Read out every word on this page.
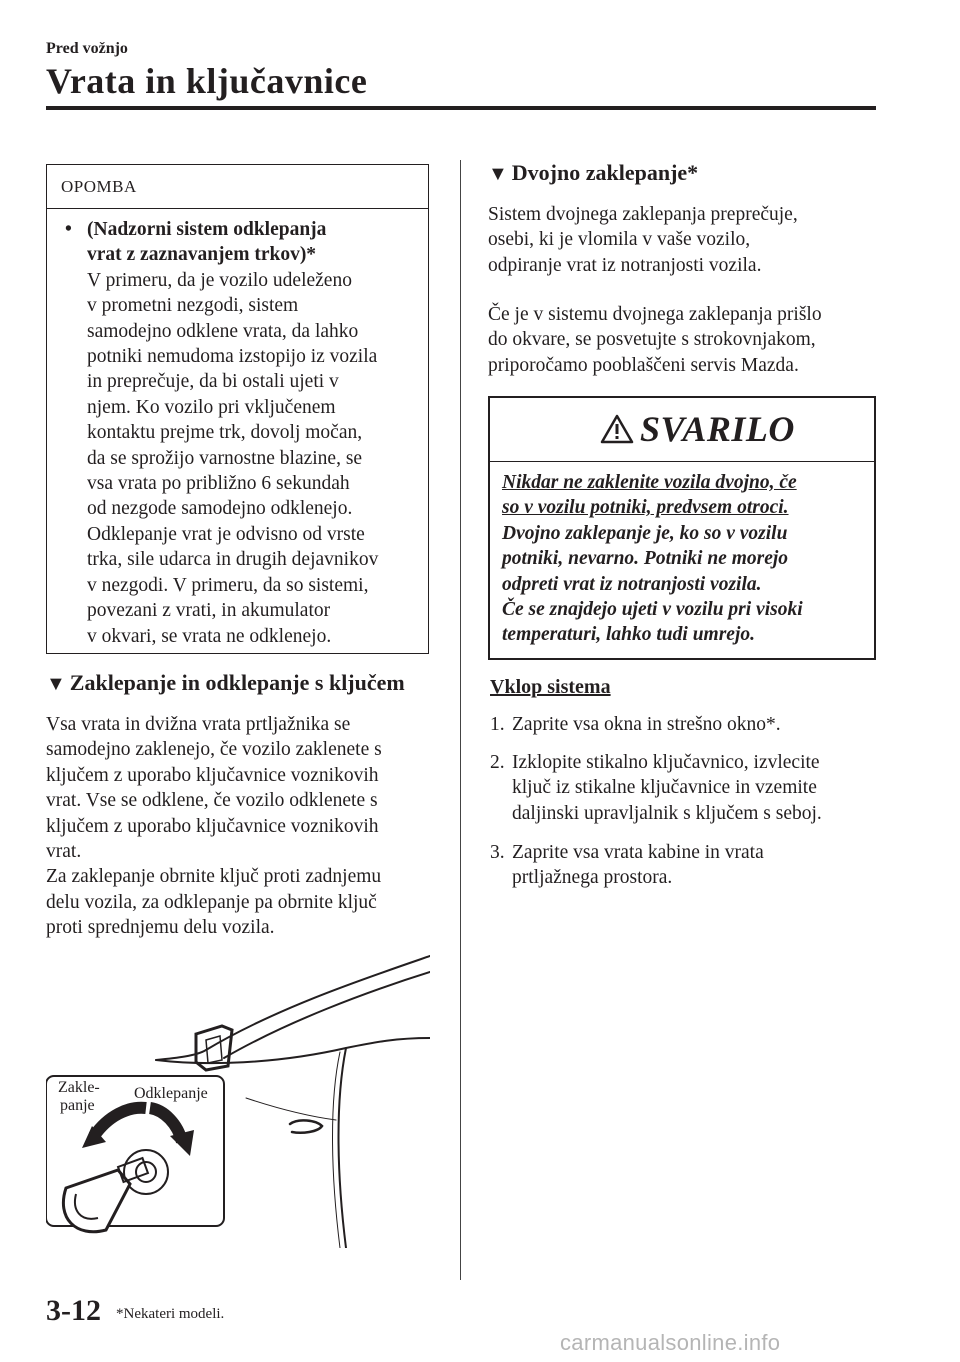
Pred vožnjo
Vrata in ključavnice
OPOMBA
• (Nadzorni sistem odklepanja
vrat z zaznavanjem trkov)*
V primeru, da je vozilo udeleženo
v prometni nezgodi, sistem
samodejno odklene vrata, da lahko
potniki nemudoma izstopijo iz vozila
in preprečuje, da bi ostali ujeti v
njem. Ko vozilo pri vključenem
kontaktu prejme trk, dovolj močan,
da se sprožijo varnostne blazine, se
vsa vrata po približno 6 sekundah
od nezgode samodejno odklenejo.
Odklepanje vrat je odvisno od vrste
trka, sile udarca in drugih dejavnikov
v nezgodi. V primeru, da so sistemi,
povezani z vrati, in akumulator
v okvari, se vrata ne odklenejo.
▼ Zaklepanje in odklepanje s ključem
Vsa vrata in dvižna vrata prtljažnika se
samodejno zaklenejo, če vozilo zaklenete s
ključem z uporabo ključavnice voznikovih
vrat. Vse se odklene, če vozilo odklenete s
ključem z uporabo ključavnice voznikovih
vrat.
Za zaklepanje obrnite ključ proti zadnjemu
delu vozila, za odklepanje pa obrnite ključ
proti sprednjemu delu vozila.
Zakle-
panje
Odklepanje
▼ Dvojno zaklepanje*
Sistem dvojnega zaklepanja preprečuje,
osebi, ki je vlomila v vaše vozilo,
odpiranje vrat iz notranjosti vozila.
Če je v sistemu dvojnega zaklepanja prišlo
do okvare, se posvetujte s strokovnjakom,
priporočamo pooblaščeni servis Mazda.
SVARILO
Nikdar ne zaklenite vozila dvojno, če
so v vozilu potniki, predvsem otroci.
Dvojno zaklepanje je, ko so v vozilu
potniki, nevarno. Potniki ne morejo
odpreti vrat iz notranjosti vozila.
Če se znajdejo ujeti v vozilu pri visoki
temperaturi, lahko tudi umrejo.
Vklop sistema
1. Zaprite vsa okna in strešno okno*.
2. Izklopite stikalno ključavnico, izvlecite
ključ iz stikalne ključavnice in vzemite
daljinski upravljalnik s ključem s seboj.
3. Zaprite vsa vrata kabine in vrata
prtljažnega prostora.
3-12 *Nekateri modeli.
carmanualsonline.info
